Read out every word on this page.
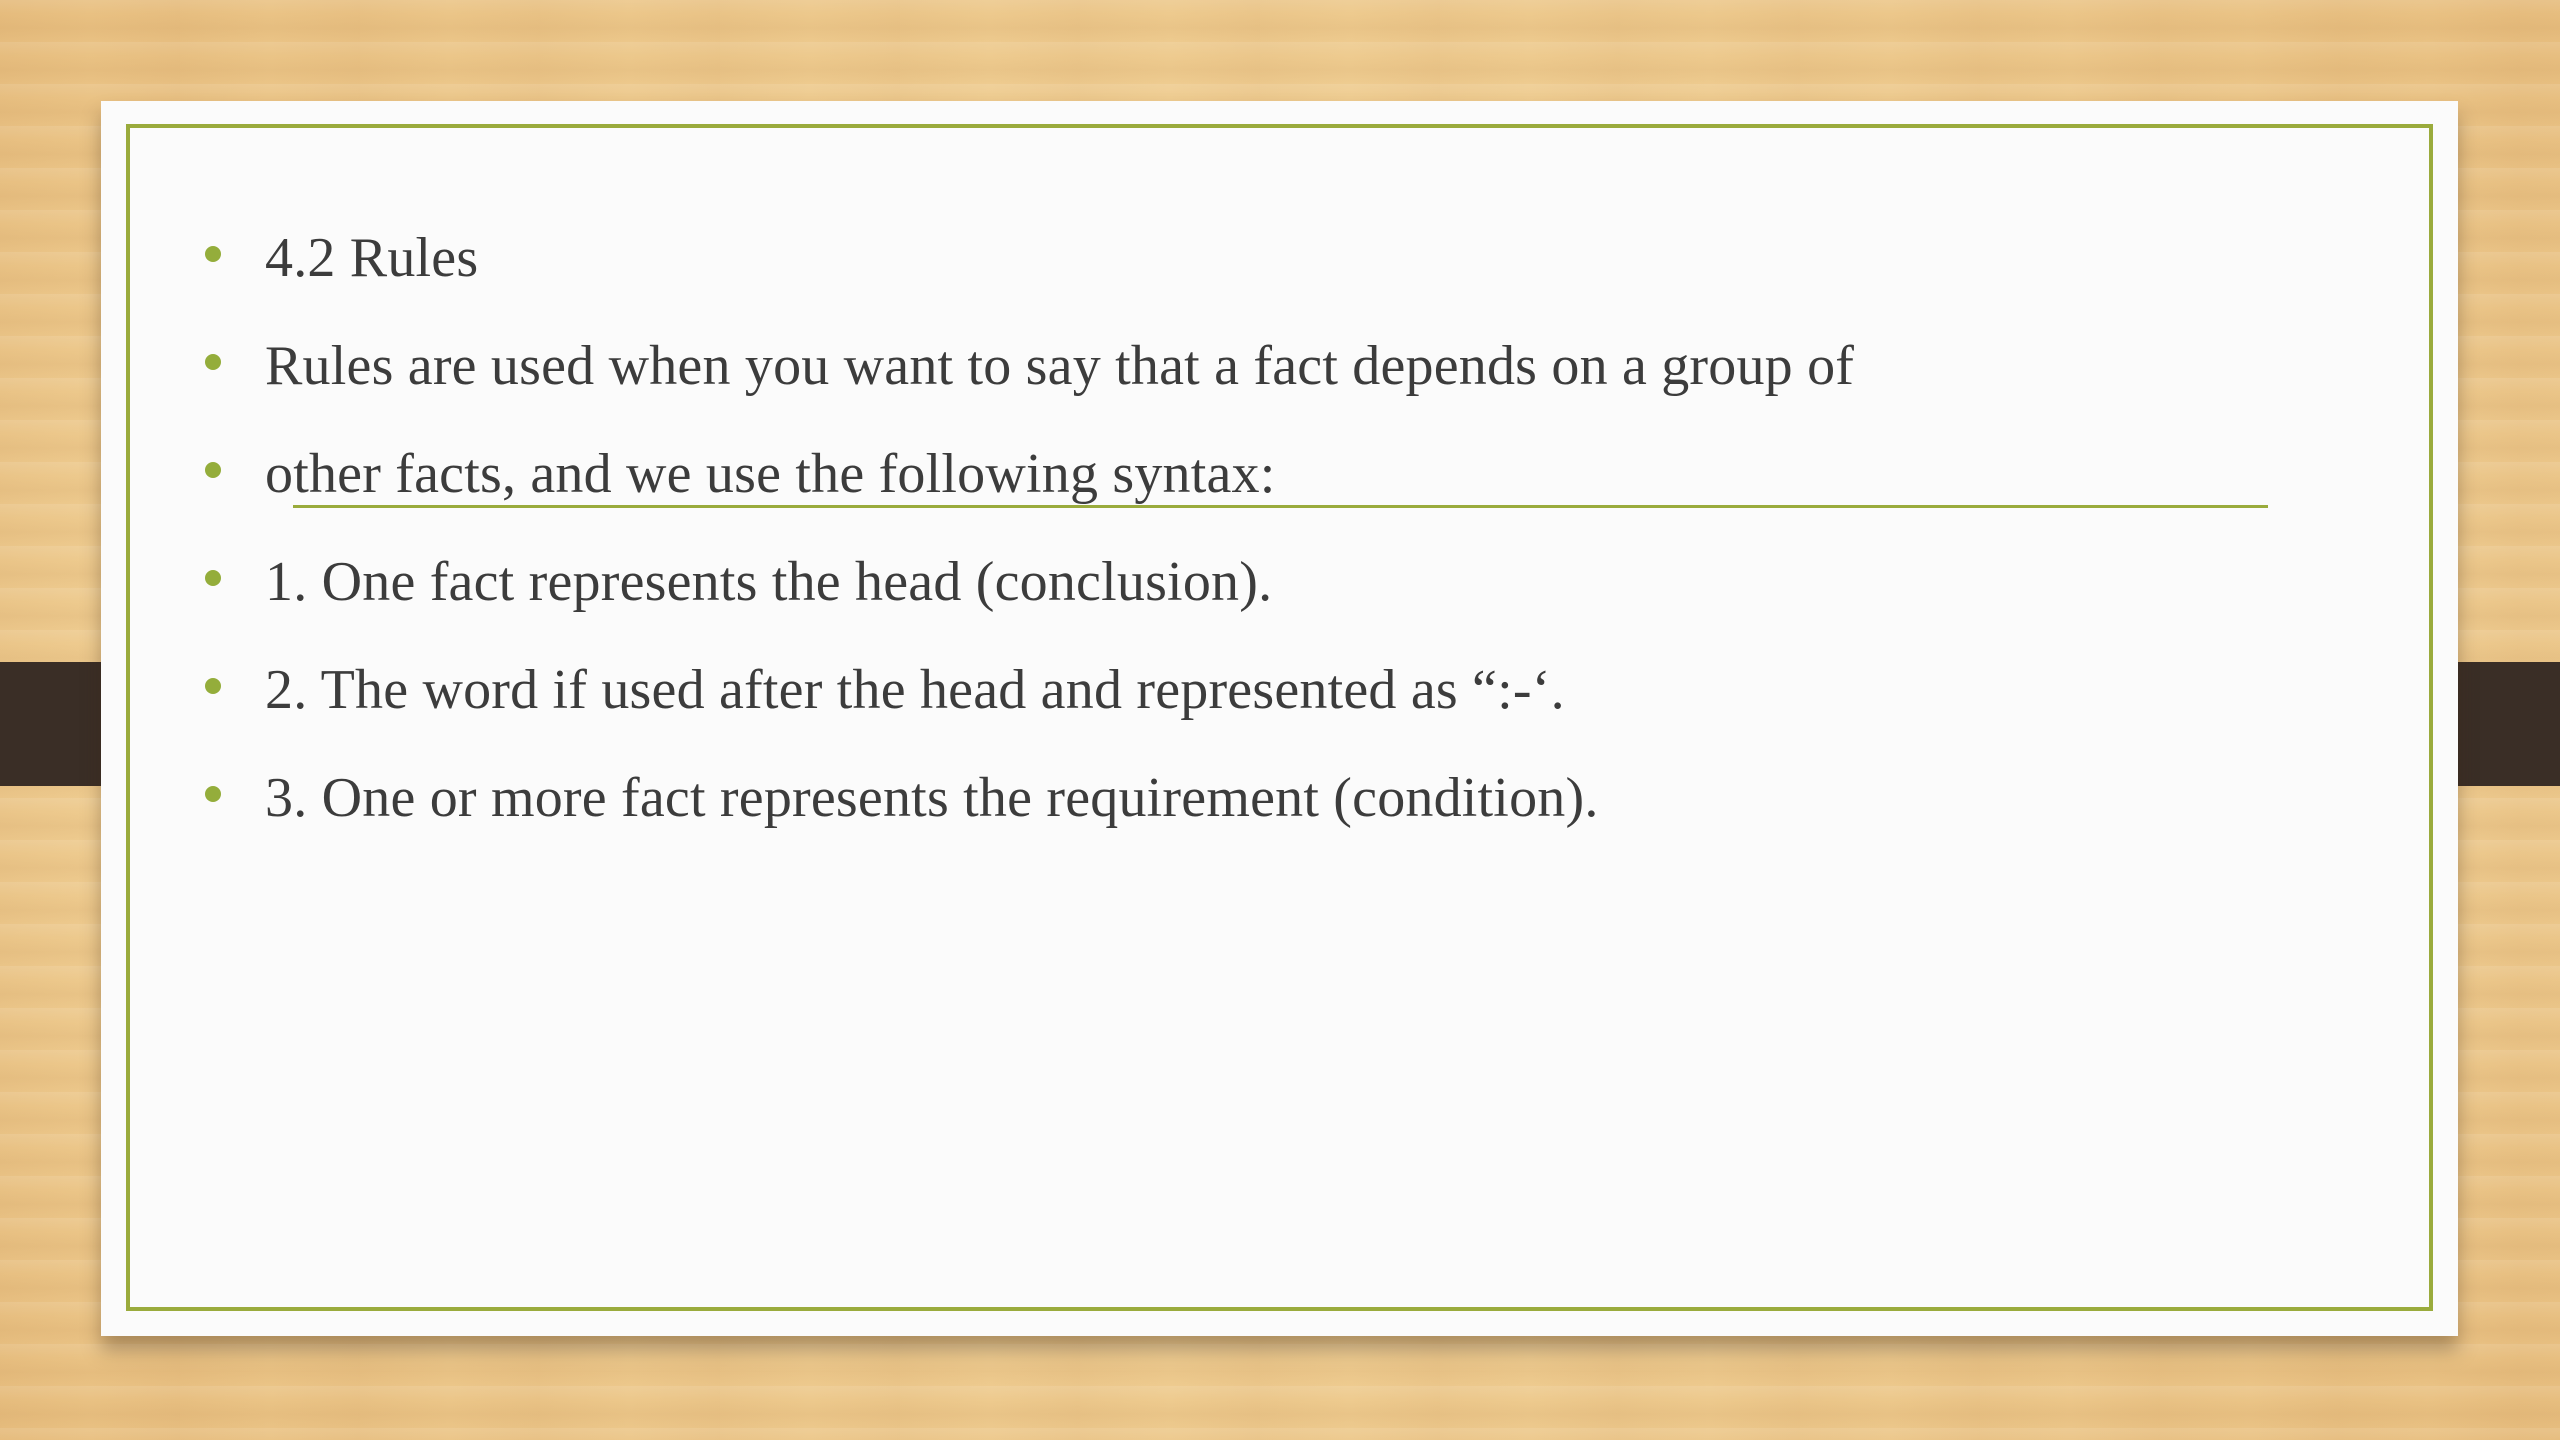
4.2 Rules
Rules are used when you want to say that a fact depends on a group of
other facts, and we use the following syntax:
1. One fact represents the head (conclusion).
2. The word if used after the head and represented as “:-‘.
3. One or more fact represents the requirement (condition).
